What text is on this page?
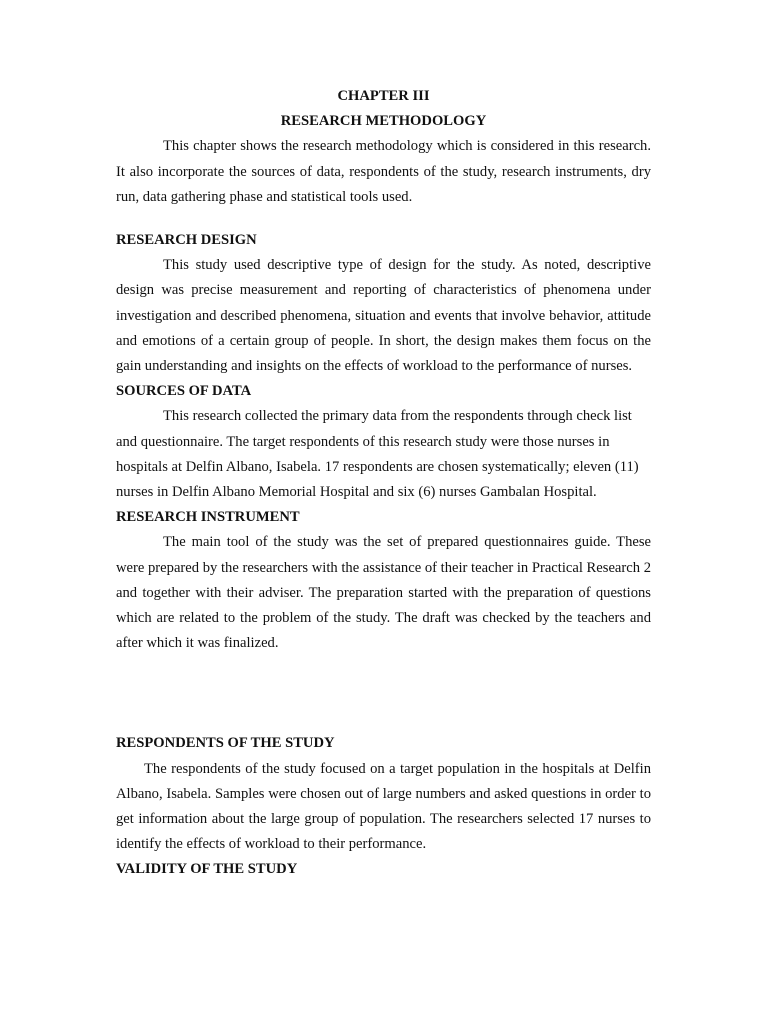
CHAPTER III
RESEARCH METHODOLOGY

This chapter shows the research methodology which is considered in this research. It also incorporate the sources of data, respondents of the study, research instruments, dry run, data gathering phase and statistical tools used.

RESEARCH DESIGN

This study used descriptive type of design for the study. As noted, descriptive design was precise measurement and reporting of characteristics of phenomena under investigation and described phenomena, situation and events that involve behavior, attitude and emotions of a certain group of people. In short, the design makes them focus on the gain understanding and insights on the effects of workload to the performance of nurses.

SOURCES OF DATA

This research collected the primary data from the respondents through check list and questionnaire. The target respondents of this research study were those nurses in hospitals at Delfin Albano, Isabela. 17 respondents are chosen systematically; eleven (11) nurses in Delfin Albano Memorial Hospital and six (6) nurses Gambalan Hospital.

RESEARCH INSTRUMENT

The main tool of the study was the set of prepared questionnaires guide. These were prepared by the researchers with the assistance of their teacher in Practical Research 2 and together with their adviser. The preparation started with the preparation of questions which are related to the problem of the study. The draft was checked by the teachers and after which it was finalized.

RESPONDENTS OF THE STUDY

The respondents of the study focused on a target population in the hospitals at Delfin Albano, Isabela. Samples were chosen out of large numbers and asked questions in order to get information about the large group of population. The researchers selected 17 nurses to identify the effects of workload to their performance.

VALIDITY OF THE STUDY
